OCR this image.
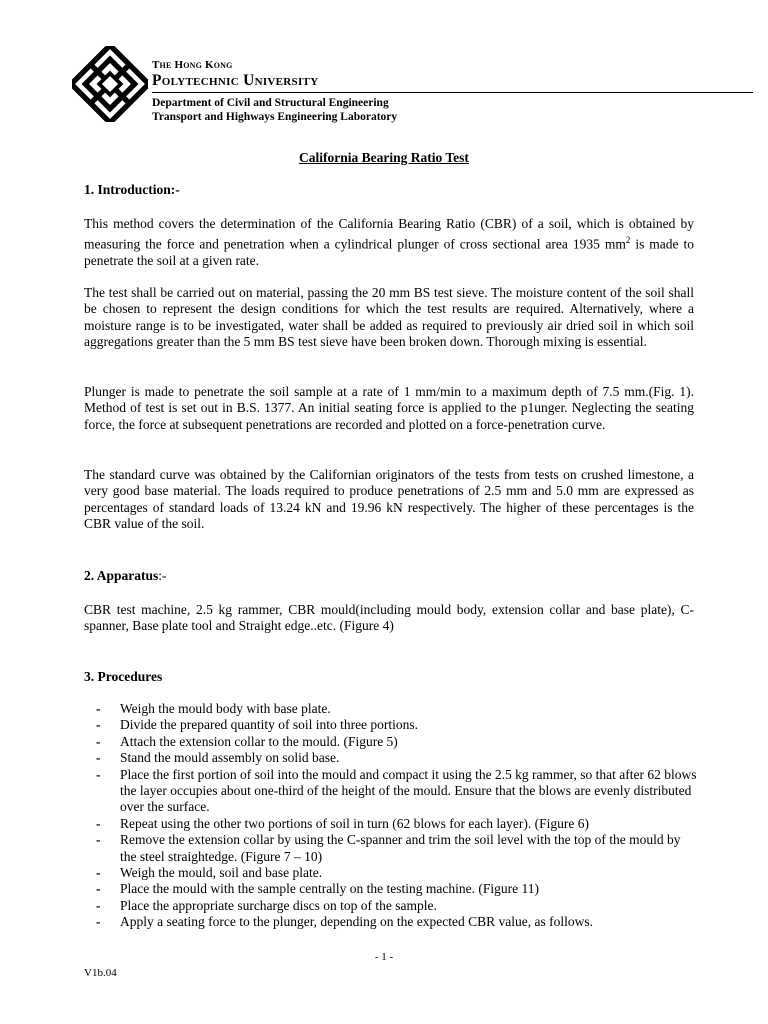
The Hong Kong
Polytechnic University
Department of Civil and Structural Engineering
Transport and Highways Engineering Laboratory
California Bearing Ratio Test
1. Introduction:-
This method covers the determination of the California Bearing Ratio (CBR) of a soil, which is obtained by measuring the force and penetration when a cylindrical plunger of cross sectional area 1935 $mm^2$ is made to penetrate the soil at a given rate.
The test shall be carried out on material, passing the 20 mm BS test sieve. The moisture content of the soil shall be chosen to represent the design conditions for which the test results are required. Alternatively, where a moisture range is to be investigated, water shall be added as required to previously air dried soil in which soil aggregations greater than the 5 mm BS test sieve have been broken down. Thorough mixing is essential.
Plunger is made to penetrate the soil sample at a rate of 1 mm/min to a maximum depth of 7.5 mm.(Fig. 1). Method of test is set out in B.S. 1377. An initial seating force is applied to the p1unger. Neglecting the seating force, the force at subsequent penetrations are recorded and plotted on a force-penetration curve.
The standard curve was obtained by the Californian originators of the tests from tests on crushed limestone, a very good base material. The loads required to produce penetrations of 2.5 mm and 5.0 mm are expressed as percentages of standard loads of 13.24 kN and 19.96 kN respectively. The higher of these percentages is the CBR value of the soil.
2. Apparatus:-
CBR test machine, 2.5 kg rammer, CBR mould(including mould body, extension collar and base plate), C-spanner, Base plate tool and Straight edge..etc. (Figure 4)
3. Procedures
- Weigh the mould body with base plate.
- Divide the prepared quantity of soil into three portions.
- Attach the extension collar to the mould. (Figure 5)
- Stand the mould assembly on solid base.
- Place the first portion of soil into the mould and compact it using the 2.5 kg rammer, so that after 62 blows the layer occupies about one-third of the height of the mould. Ensure that the blows are evenly distributed over the surface.
- Repeat using the other two portions of soil in turn (62 blows for each layer). (Figure 6)
- Remove the extension collar by using the C-spanner and trim the soil level with the top of the mould by the steel straightedge. (Figure 7 – 10)
- Weigh the mould, soil and base plate.
- Place the mould with the sample centrally on the testing machine. (Figure 11)
- Place the appropriate surcharge discs on top of the sample.
- Apply a seating force to the plunger, depending on the expected CBR value, as follows.
- 1 -
V1b.04
